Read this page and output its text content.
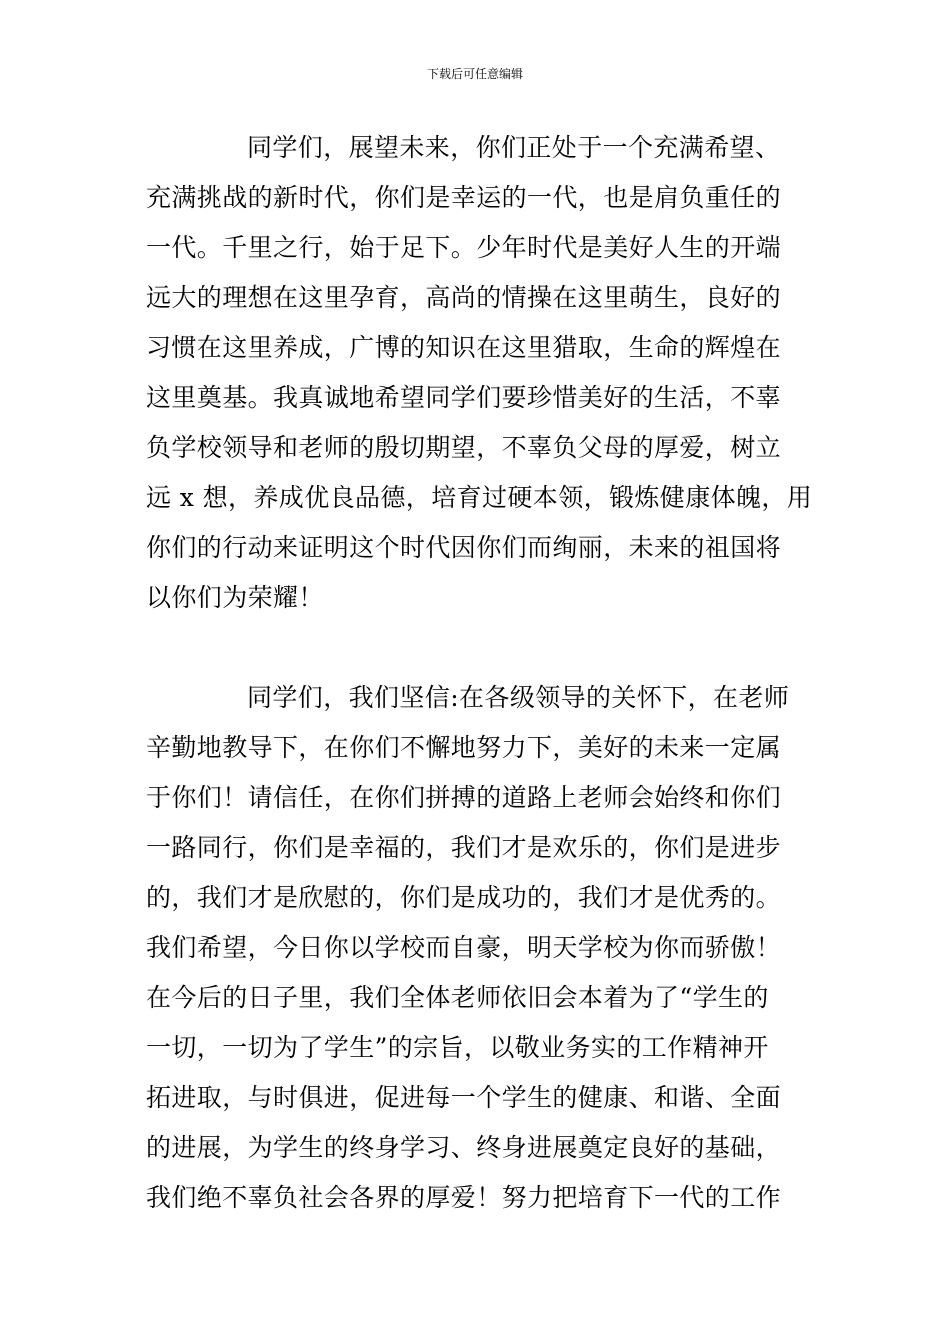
下载后可任意编辑
同学们，展望未来，你们正处于一个充满希望、
充满挑战的新时代，你们是幸运的一代，也是肩负重任的
一代。千里之行，始于足下。少年时代是美好人生的开端
远大的理想在这里孕育，高尚的情操在这里萌生，良好的
习惯在这里养成，广博的知识在这里猎取，生命的辉煌在
这里奠基。我真诚地希望同学们要珍惜美好的生活，不辜
负学校领导和老师的殷切期望，不辜负父母的厚爱，树立
远 x 想，养成优良品德，培育过硬本领，锻炼健康体魄，用
你们的行动来证明这个时代因你们而绚丽，未来的祖国将
以你们为荣耀！
同学们，我们坚信:在各级领导的关怀下，在老师
辛勤地教导下，在你们不懈地努力下，美好的未来一定属
于你们！请信任，在你们拼搏的道路上老师会始终和你们
一路同行，你们是幸福的，我们才是欢乐的，你们是进步
的，我们才是欣慰的，你们是成功的，我们才是优秀的。
我们希望，今日你以学校而自豪，明天学校为你而骄傲！
在今后的日子里，我们全体老师依旧会本着为了“学生的
一切，一切为了学生”的宗旨，以敬业务实的工作精神开
拓进取，与时俱进，促进每一个学生的健康、和谐、全面
的进展，为学生的终身学习、终身进展奠定良好的基础，
我们绝不辜负社会各界的厚爱！努力把培育下一代的工作
